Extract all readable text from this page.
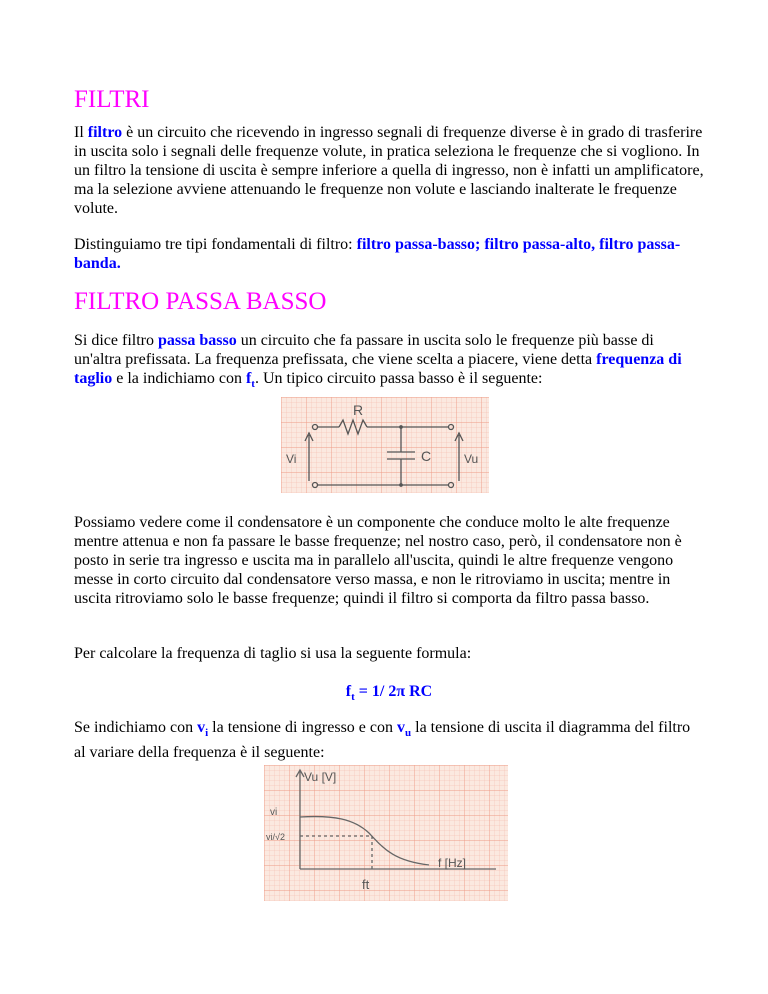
FILTRI

Il filtro è un circuito che ricevendo in ingresso segnali di frequenze diverse è in grado di trasferire in uscita solo i segnali delle frequenze volute, in pratica seleziona le frequenze che si vogliono. In un filtro la tensione di uscita è sempre inferiore a quella di ingresso, non è infatti un amplificatore, ma la selezione avviene attenuando le frequenze non volute e lasciando inalterate le frequenze volute.

Distinguiamo tre tipi fondamentali di filtro: filtro passa-basso; filtro passa-alto, filtro passa-banda.

FILTRO PASSA BASSO

Si dice filtro passa basso un circuito che fa passare in uscita solo le frequenze più basse di un'altra prefissata. La frequenza prefissata, che viene scelta a piacere, viene detta frequenza di taglio e la indichiamo con $f_t$. Un tipico circuito passa basso è il seguente:

Possiamo vedere come il condensatore è un componente che conduce molto le alte frequenze mentre attenua e non fa passare le basse frequenze; nel nostro caso, però, il condensatore non è posto in serie tra ingresso e uscita ma in parallelo all'uscita, quindi le altre frequenze vengono messe in corto circuito dal condensatore verso massa, e non le ritroviamo in uscita; mentre in uscita ritroviamo solo le basse frequenze; quindi il filtro si comporta da filtro passa basso.

Per calcolare la frequenza di taglio si usa la seguente formula:

$f_t = 1/$ 2π RC

Se indichiamo con $v_i$ la tensione di ingresso e con $v_u$ la tensione di uscita il diagramma del filtro al variare della frequenza è il seguente:

R
C
Vi	Vu
Vu [V]
f [Hz]
vi
vi/√2
ft
